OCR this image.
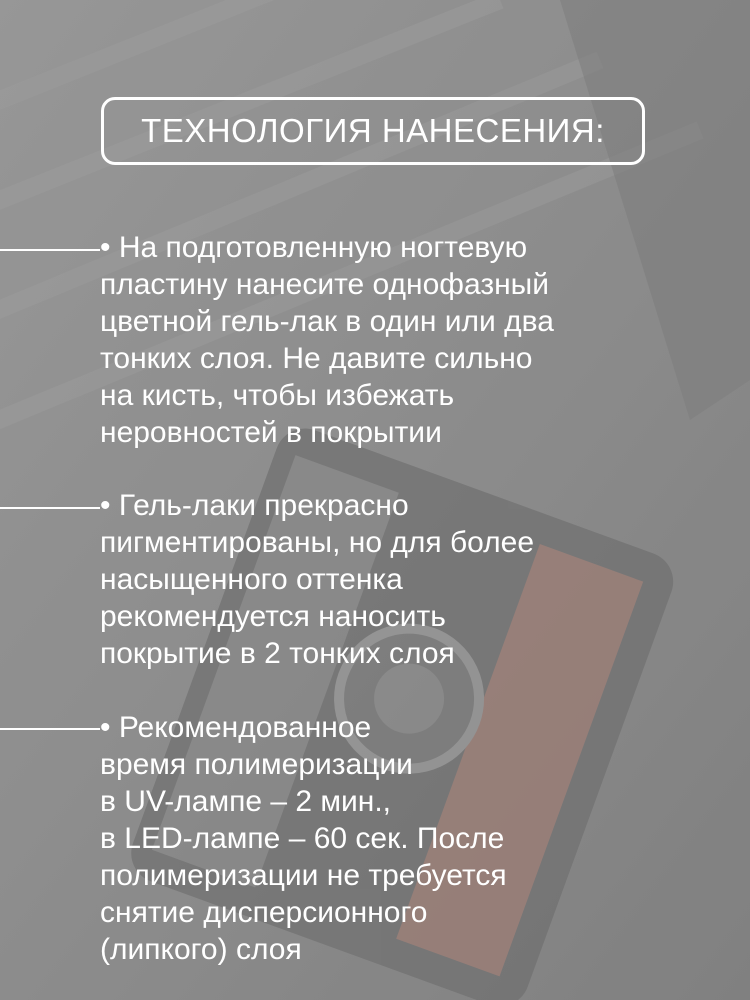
ТЕХНОЛОГИЯ НАНЕСЕНИЯ:

• На подготовленную ногтевую
пластину нанесите однофазный
цветной гель-лак в один или два
тонких слоя. Не давите сильно
на кисть, чтобы избежать
неровностей в покрытии

• Гель-лаки прекрасно
пигментированы, но для более
насыщенного оттенка
рекомендуется наносить
покрытие в 2 тонких слоя

• Рекомендованное
время полимеризации
в UV-лампе – 2 мин.,
в LED-лампе – 60 сек. После
полимеризации не требуется
снятие дисперсионного
(липкого) слоя
